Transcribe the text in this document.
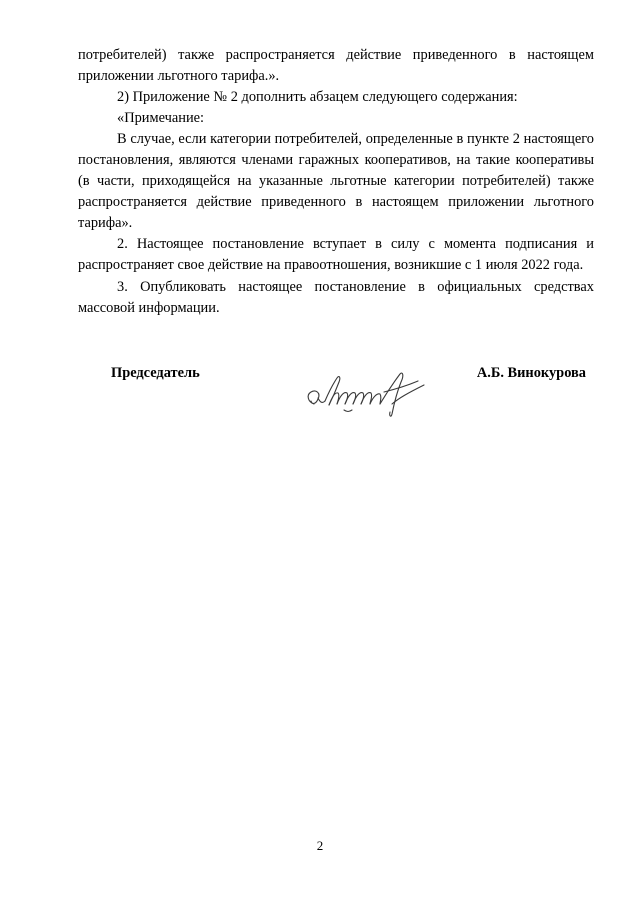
потребителей) также распространяется действие приведенного в настоящем приложении льготного тарифа.».

2) Приложение № 2 дополнить абзацем следующего содержания:

«Примечание:

В случае, если категории потребителей, определенные в пункте 2 настоящего постановления, являются членами гаражных кооперативов, на такие кооперативы (в части, приходящейся на указанные льготные категории потребителей) также распространяется действие приведенного в настоящем приложении льготного тарифа».

2. Настоящее постановление вступает в силу с момента подписания и распространяет свое действие на правоотношения, возникшие с 1 июля 2022 года.

3. Опубликовать настоящее постановление в официальных средствах массовой информации.

Председатель	А.Б. Винокурова
2
